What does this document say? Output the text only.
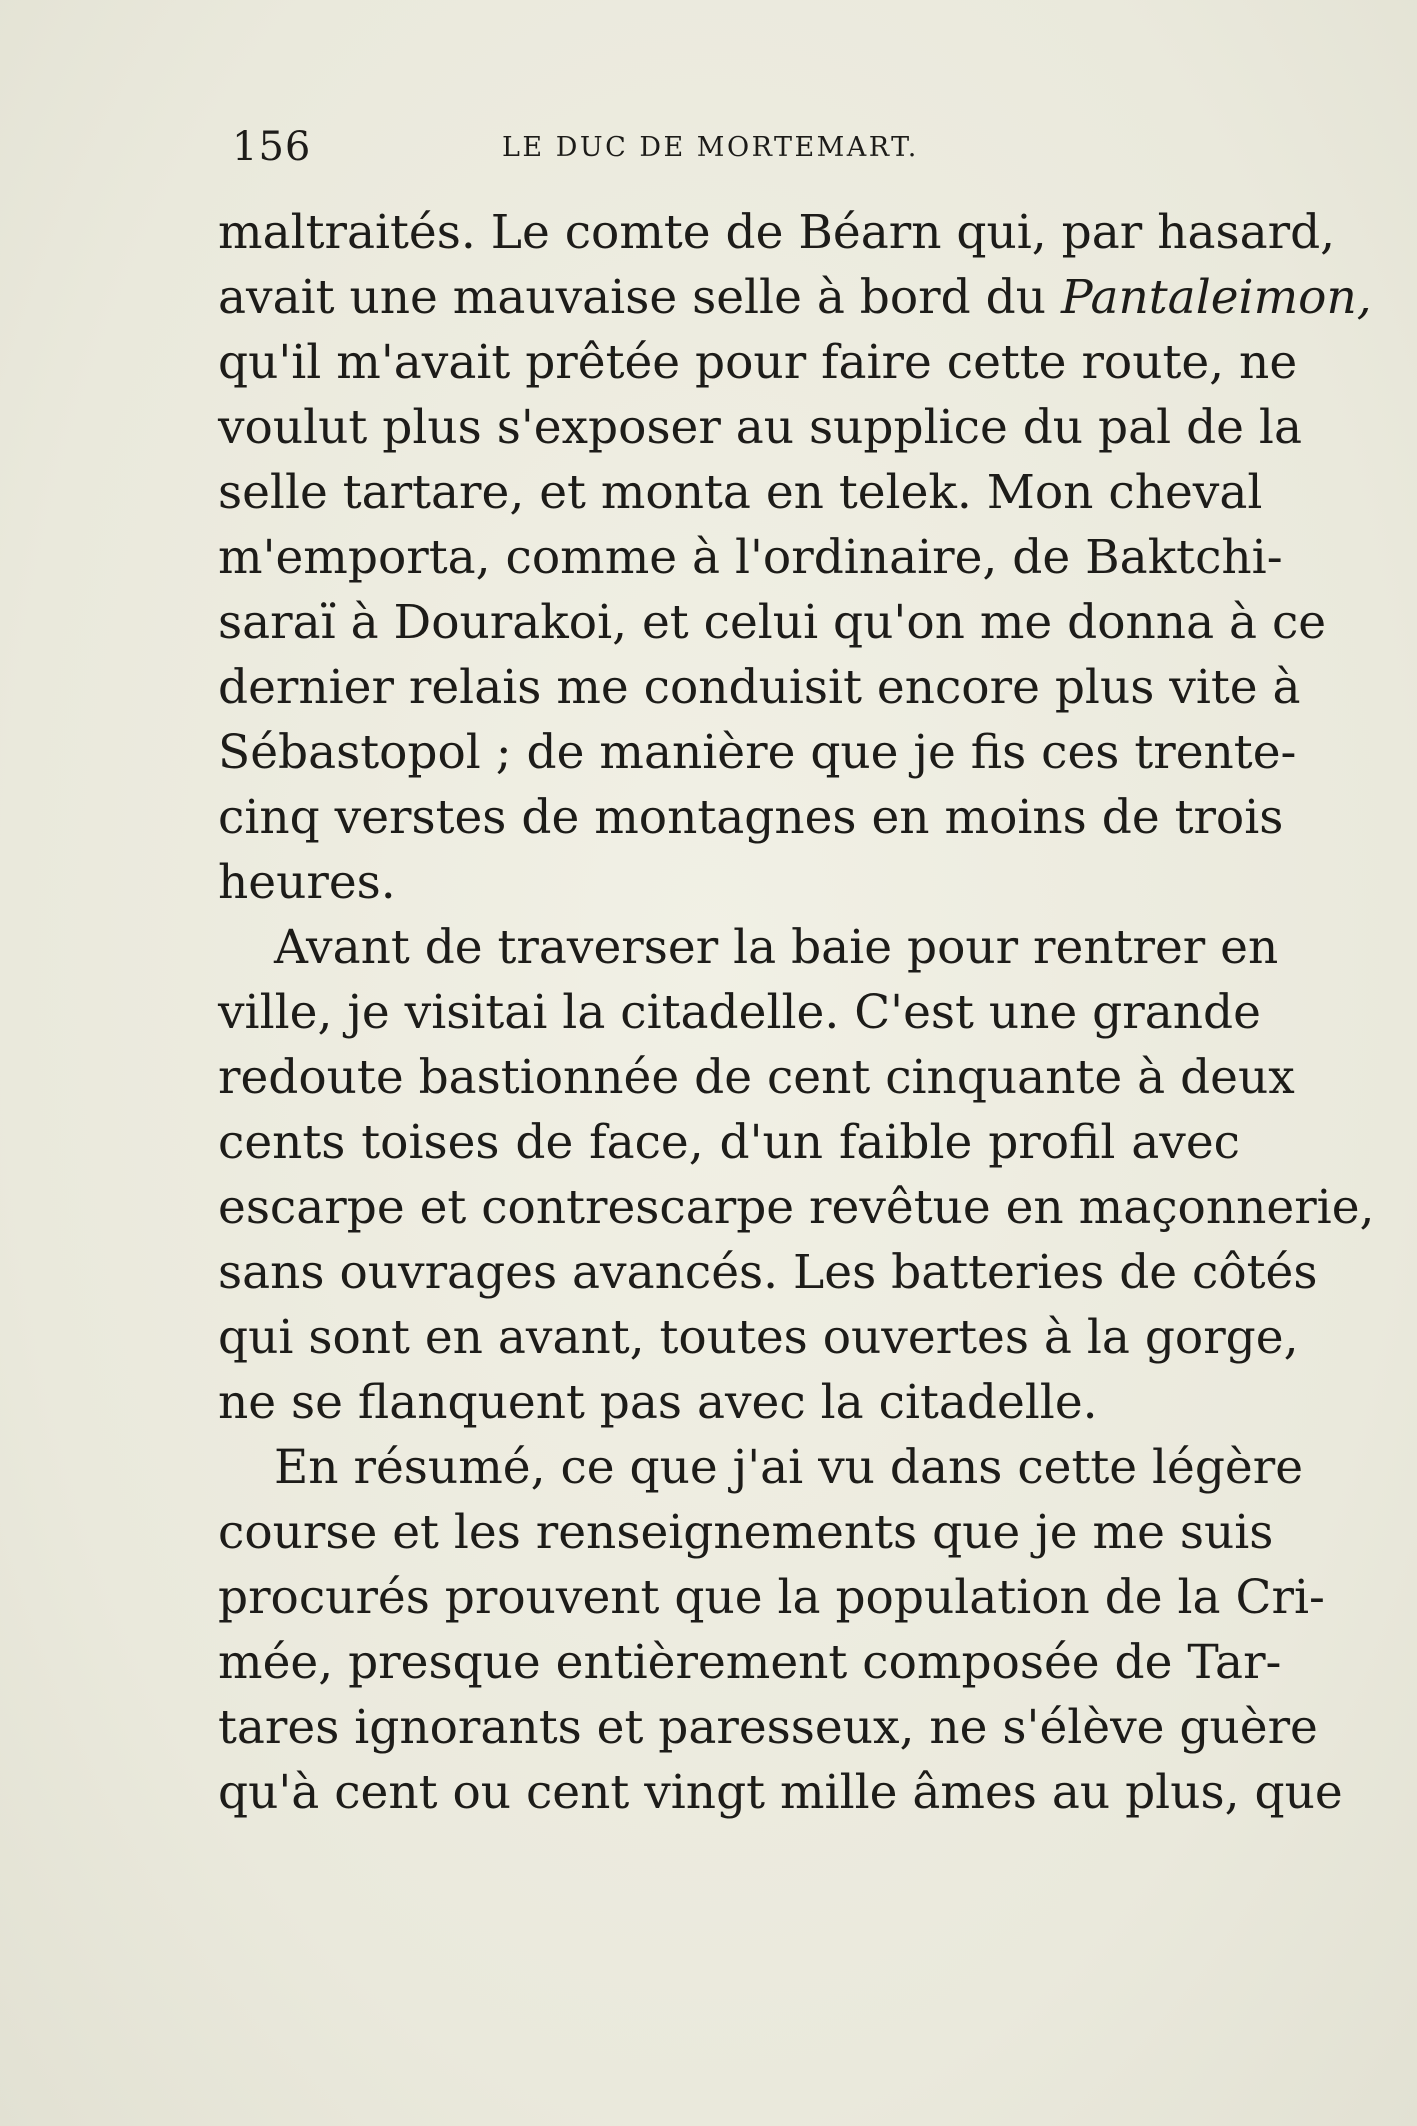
156	LE DUC DE MORTEMART.
maltraités. Le comte de Béarn qui, par hasard,
avait une mauvaise selle à bord du Pantaleimon,
qu'il m'avait prêtée pour faire cette route, ne
voulut plus s'exposer au supplice du pal de la
selle tartare, et monta en telek. Mon cheval
m'emporta, comme à l'ordinaire, de Baktchi-
saraï à Dourakoi, et celui qu'on me donna à ce
dernier relais me conduisit encore plus vite à
Sébastopol ; de manière que je fis ces trente-
cinq verstes de montagnes en moins de trois
heures.
Avant de traverser la baie pour rentrer en
ville, je visitai la citadelle. C'est une grande
redoute bastionnée de cent cinquante à deux
cents toises de face, d'un faible profil avec
escarpe et contrescarpe revêtue en maçonnerie,
sans ouvrages avancés. Les batteries de côtés
qui sont en avant, toutes ouvertes à la gorge,
ne se flanquent pas avec la citadelle.
En résumé, ce que j'ai vu dans cette légère
course et les renseignements que je me suis
procurés prouvent que la population de la Cri-
mée, presque entièrement composée de Tar-
tares ignorants et paresseux, ne s'élève guère
qu'à cent ou cent vingt mille âmes au plus, que
